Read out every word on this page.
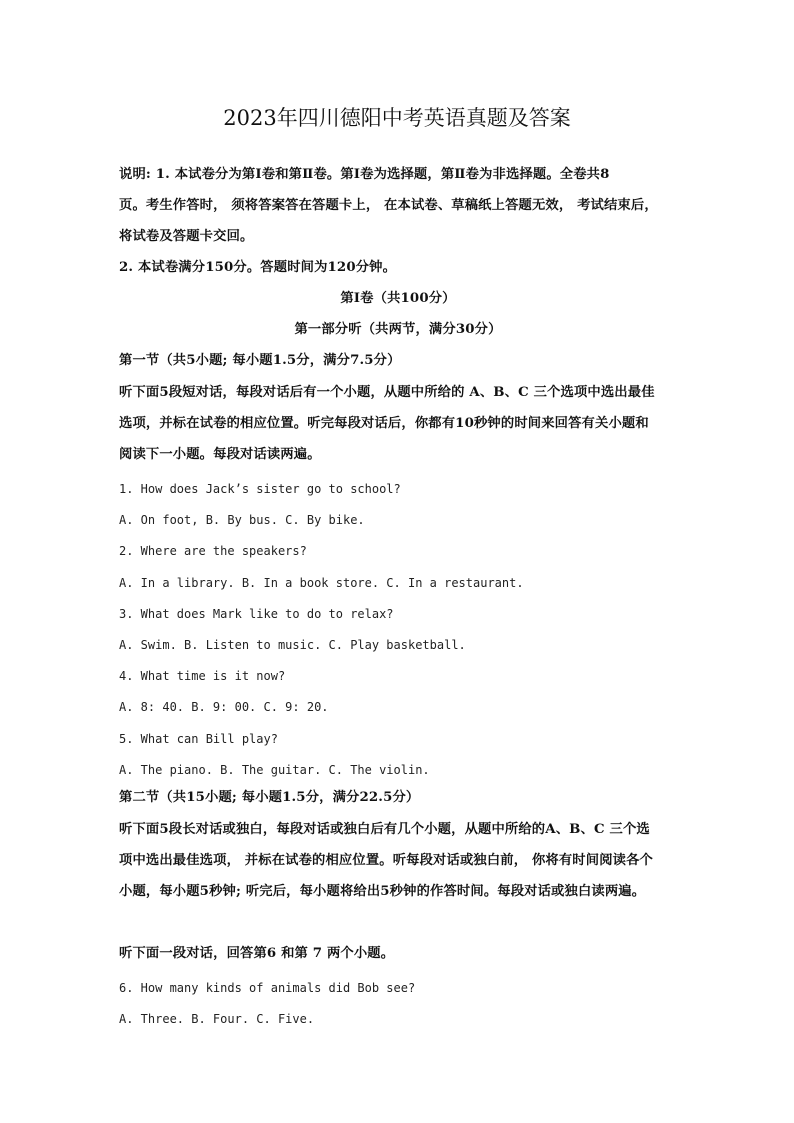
2023年四川德阳中考英语真题及答案
说明: 1. 本试卷分为第Ⅰ卷和第Ⅱ卷。第Ⅰ卷为选择题，第Ⅱ卷为非选择题。全卷共8
页。考生作答时， 须将答案答在答题卡上， 在本试卷、草稿纸上答题无效， 考试结束后，
将试卷及答题卡交回。
2. 本试卷满分150分。答题时间为120分钟。
第Ⅰ卷（共100分）
第一部分听（共两节，满分30分）
第一节（共5小题; 每小题1.5分，满分7.5分）
听下面5段短对话，每段对话后有一个小题，从题中所给的 A、B、C 三个选项中选出最佳
选项，并标在试卷的相应位置。听完每段对话后，你都有10秒钟的时间来回答有关小题和
阅读下一小题。每段对话读两遍。
1. How does Jack’s sister go to school?
A. On foot, B. By bus. C. By bike.
2. Where are the speakers?
A. In a library. B. In a book store. C. In a restaurant.
3. What does Mark like to do to relax?
A. Swim. B. Listen to music. C. Play basketball.
4. What time is it now?
A. 8: 40. B. 9: 00. C. 9: 20.
5. What can Bill play?
A. The piano. B. The guitar. C. The violin.
第二节（共15小题; 每小题1.5分，满分22.5分）
听下面5段长对话或独白，每段对话或独白后有几个小题，从题中所给的A、B、C 三个选
项中选出最佳选项， 并标在试卷的相应位置。听每段对话或独白前， 你将有时间阅读各个
小题，每小题5秒钟; 听完后，每小题将给出5秒钟的作答时间。每段对话或独白读两遍。
听下面一段对话，回答第6 和第 7 两个小题。
6. How many kinds of animals did Bob see?
A. Three. B. Four. C. Five.
